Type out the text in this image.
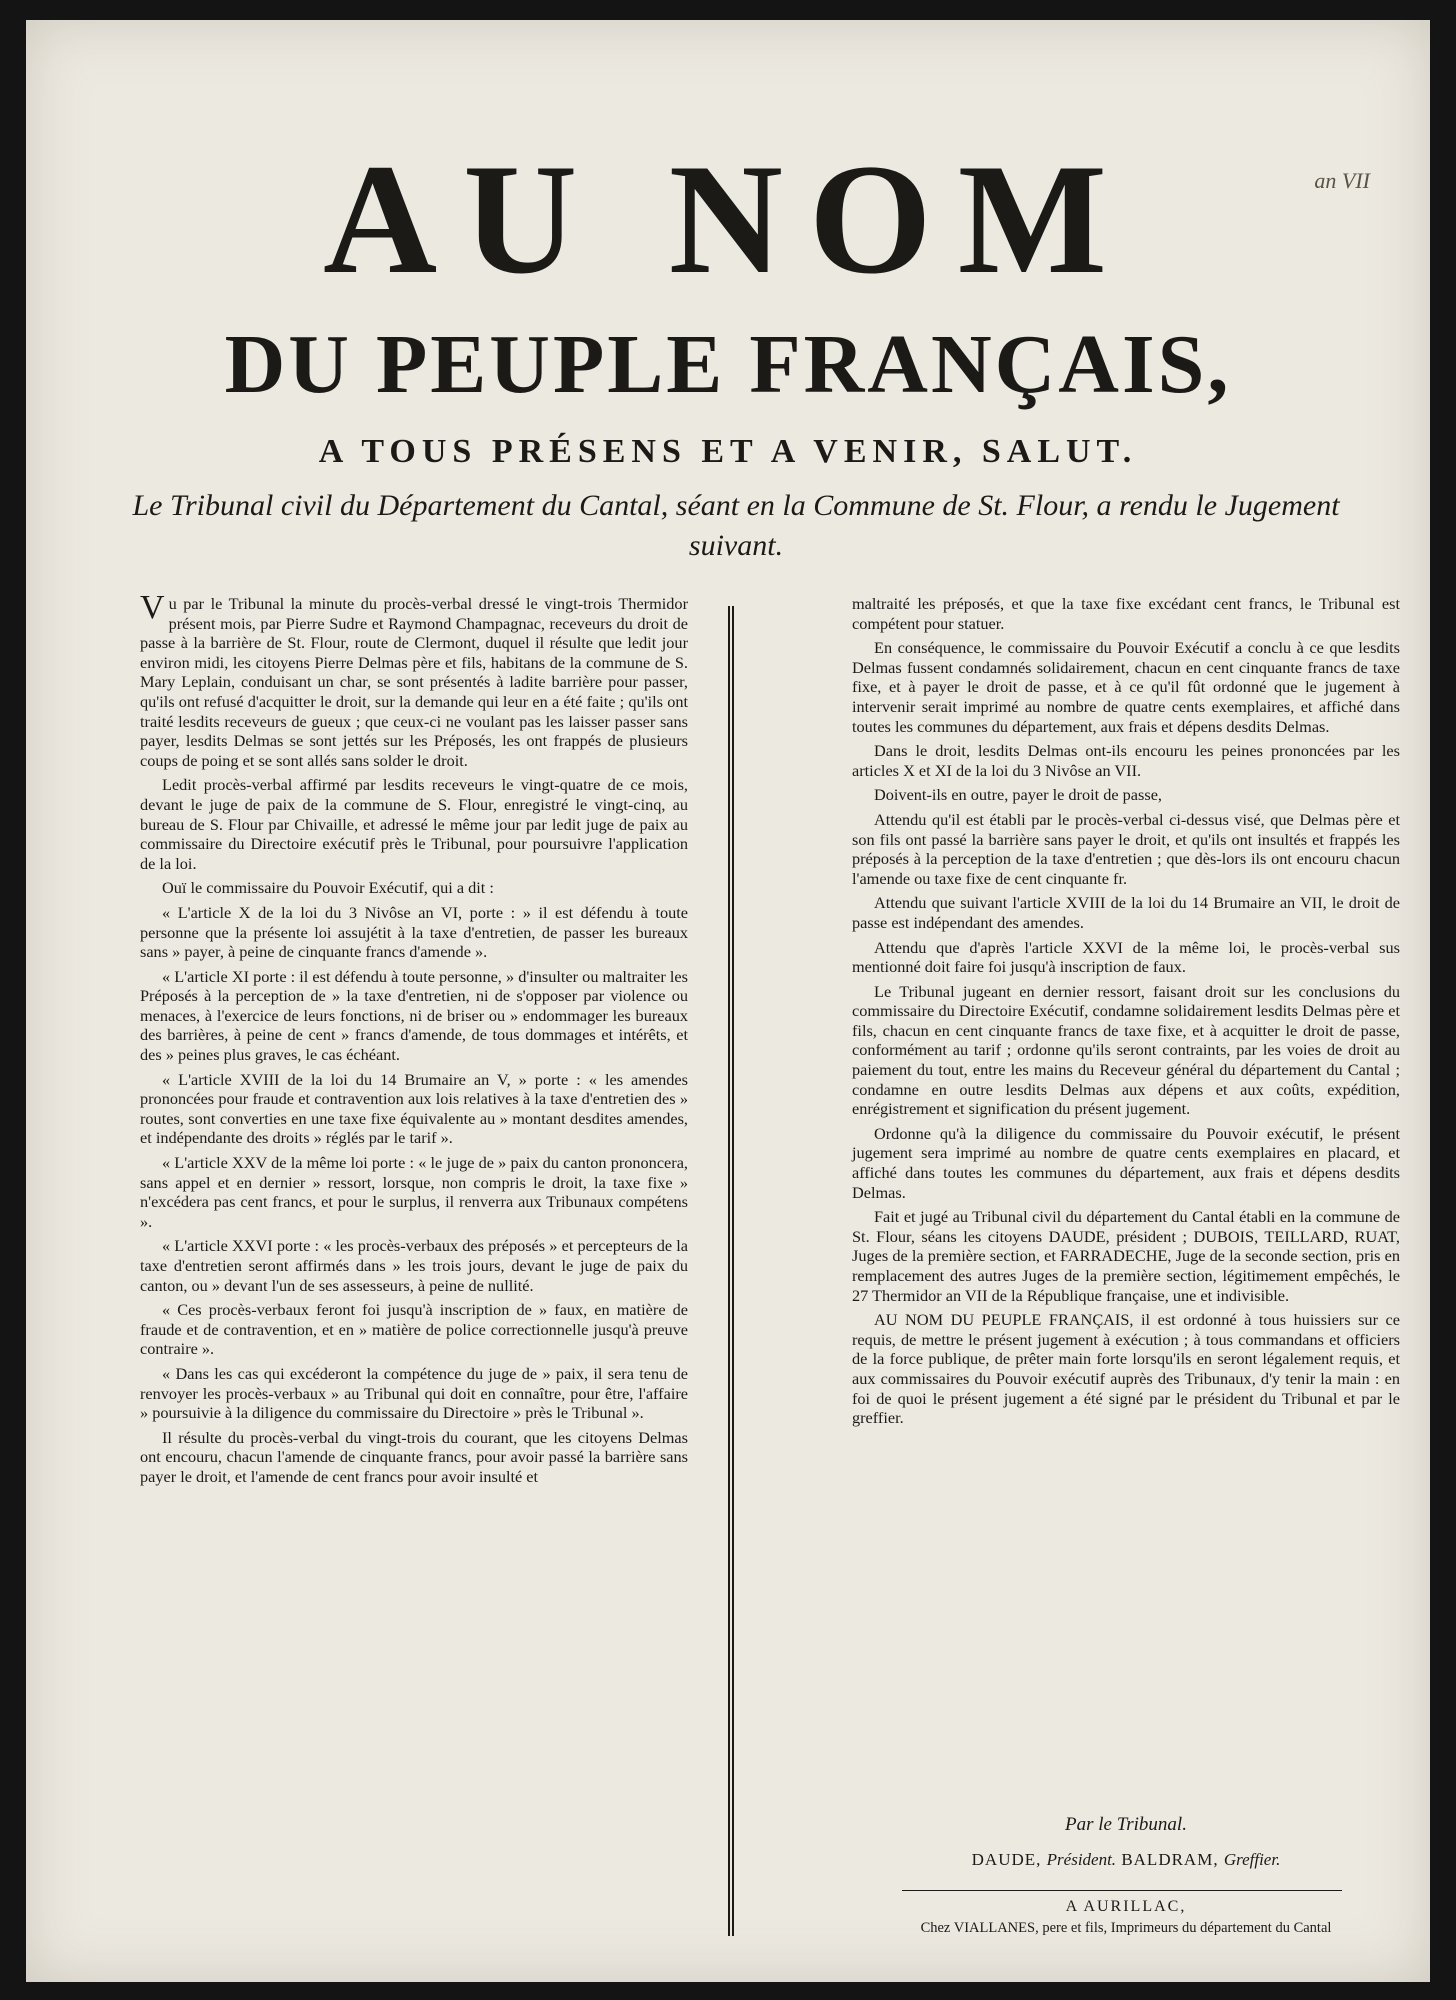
AU NOM
DU PEUPLE FRANÇAIS,
A TOUS PRÉSENS ET A VENIR, SALUT.
Le Tribunal civil du Département du Cantal, séant en la Commune de St. Flour, a rendu le Jugement suivant.
an VII

Vu par le Tribunal la minute du procès-verbal dressé le vingt-trois Thermidor présent mois, par Pierre Sudre et Raymond Champagnac, receveurs du droit de passe à la barrière de St. Flour, route de Clermont, duquel il résulte que ledit jour environ midi, les citoyens Pierre Delmas père et fils, habitans de la commune de S. Mary Leplain, conduisant un char, se sont présentés à ladite barrière pour passer, qu'ils ont refusé d'acquitter le droit, sur la demande qui leur en a été faite ; qu'ils ont traité lesdits receveurs de gueux ; que ceux-ci ne voulant pas les laisser passer sans payer, lesdits Delmas se sont jettés sur les Préposés, les ont frappés de plusieurs coups de poing et se sont allés sans solder le droit.

Ledit procès-verbal affirmé par lesdits receveurs le vingt-quatre de ce mois, devant le juge de paix de la commune de S. Flour, enregistré le vingt-cinq, au bureau de S. Flour par Chivaille, et adressé le même jour par ledit juge de paix au commissaire du Directoire exécutif près le Tribunal, pour poursuivre l'application de la loi.

Ouï le commissaire du Pouvoir Exécutif, qui a dit :

« L'article X de la loi du 3 Nivôse an VI, porte : » il est défendu à toute personne que la présente loi assujétit à la taxe d'entretien, de passer les bureaux sans » payer, à peine de cinquante francs d'amende ».

« L'article XI porte : il est défendu à toute personne, » d'insulter ou maltraiter les Préposés à la perception de » la taxe d'entretien, ni de s'opposer par violence ou menaces, à l'exercice de leurs fonctions, ni de briser ou » endommager les bureaux des barrières, à peine de cent » francs d'amende, de tous dommages et intérêts, et des » peines plus graves, le cas échéant.

« L'article XVIII de la loi du 14 Brumaire an V, » porte : « les amendes prononcées pour fraude et contravention aux lois relatives à la taxe d'entretien des » routes, sont converties en une taxe fixe équivalente au » montant desdites amendes, et indépendante des droits » réglés par le tarif ».

« L'article XXV de la même loi porte : « le juge de » paix du canton prononcera, sans appel et en dernier » ressort, lorsque, non compris le droit, la taxe fixe » n'excédera pas cent francs, et pour le surplus, il renverra aux Tribunaux compétens ».

« L'article XXVI porte : « les procès-verbaux des préposés » et percepteurs de la taxe d'entretien seront affirmés dans » les trois jours, devant le juge de paix du canton, ou » devant l'un de ses assesseurs, à peine de nullité.

« Ces procès-verbaux feront foi jusqu'à inscription de » faux, en matière de fraude et de contravention, et en » matière de police correctionnelle jusqu'à preuve contraire ».

« Dans les cas qui excéderont la compétence du juge de » paix, il sera tenu de renvoyer les procès-verbaux » au Tribunal qui doit en connaître, pour être, l'affaire » poursuivie à la diligence du commissaire du Directoire » près le Tribunal ».

Il résulte du procès-verbal du vingt-trois du courant, que les citoyens Delmas ont encouru, chacun l'amende de cinquante francs, pour avoir passé la barrière sans payer le droit, et l'amende de cent francs pour avoir insulté et

maltraité les préposés, et que la taxe fixe excédant cent francs, le Tribunal est compétent pour statuer.

En conséquence, le commissaire du Pouvoir Exécutif a conclu à ce que lesdits Delmas fussent condamnés solidairement, chacun en cent cinquante francs de taxe fixe, et à payer le droit de passe, et à ce qu'il fût ordonné que le jugement à intervenir serait imprimé au nombre de quatre cents exemplaires, et affiché dans toutes les communes du département, aux frais et dépens desdits Delmas.

Dans le droit, lesdits Delmas ont-ils encouru les peines prononcées par les articles X et XI de la loi du 3 Nivôse an VII.

Doivent-ils en outre, payer le droit de passe,

Attendu qu'il est établi par le procès-verbal ci-dessus visé, que Delmas père et son fils ont passé la barrière sans payer le droit, et qu'ils ont insultés et frappés les préposés à la perception de la taxe d'entretien ; que dès-lors ils ont encouru chacun l'amende ou taxe fixe de cent cinquante fr.

Attendu que suivant l'article XVIII de la loi du 14 Brumaire an VII, le droit de passe est indépendant des amendes.

Attendu que d'après l'article XXVI de la même loi, le procès-verbal sus mentionné doit faire foi jusqu'à inscription de faux.

Le Tribunal jugeant en dernier ressort, faisant droit sur les conclusions du commissaire du Directoire Exécutif, condamne solidairement lesdits Delmas père et fils, chacun en cent cinquante francs de taxe fixe, et à acquitter le droit de passe, conformément au tarif ; ordonne qu'ils seront contraints, par les voies de droit au paiement du tout, entre les mains du Receveur général du département du Cantal ; condamne en outre lesdits Delmas aux dépens et aux coûts, expédition, enrégistrement et signification du présent jugement.

Ordonne qu'à la diligence du commissaire du Pouvoir exécutif, le présent jugement sera imprimé au nombre de quatre cents exemplaires en placard, et affiché dans toutes les communes du département, aux frais et dépens desdits Delmas.

Fait et jugé au Tribunal civil du département du Cantal établi en la commune de St. Flour, séans les citoyens DAUDE, président ; DUBOIS, TEILLARD, RUAT, Juges de la première section, et FARRADECHE, Juge de la seconde section, pris en remplacement des autres Juges de la première section, légitimement empêchés, le 27 Thermidor an VII de la République française, une et indivisible.

AU NOM DU PEUPLE FRANÇAIS, il est ordonné à tous huissiers sur ce requis, de mettre le présent jugement à exécution ; à tous commandans et officiers de la force publique, de prêter main forte lorsqu'ils en seront légalement requis, et aux commissaires du Pouvoir exécutif auprès des Tribunaux, d'y tenir la main : en foi de quoi le présent jugement a été signé par le président du Tribunal et par le greffier.

Par le Tribunal.
DAUDE, Président. BALDRAM, Greffier.
A AURILLAC,
Chez VIALLANES, pere et fils, Imprimeurs du département du Cantal
